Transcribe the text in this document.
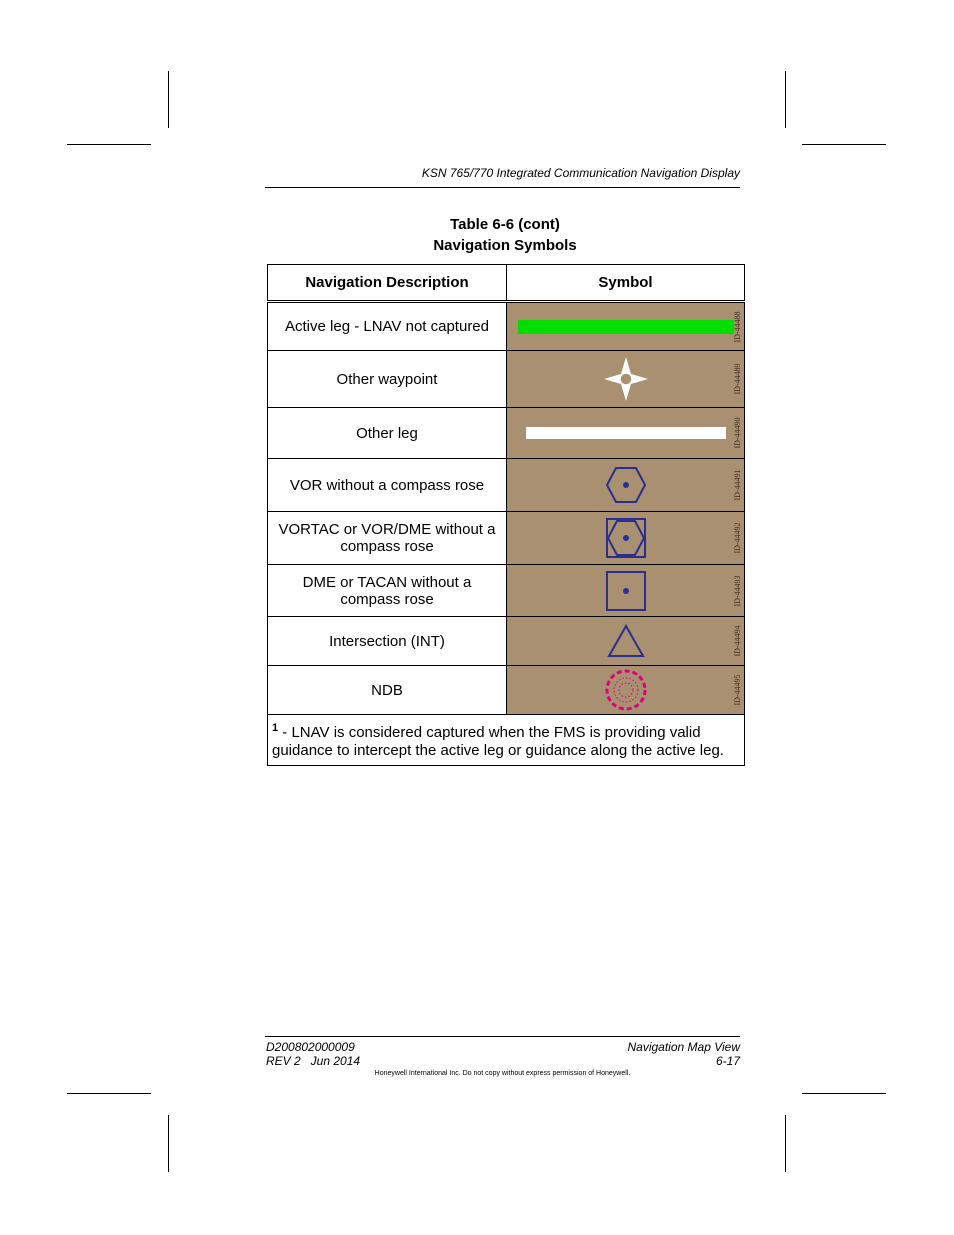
KSN 765/770 Integrated Communication Navigation Display
Table 6-6 (cont)
Navigation Symbols
Navigation Description	Symbol
Active leg - LNAV not captured	ID-44488

Other waypoint	ID-44489

Other leg	ID-44490

VOR without a compass rose	ID-44491

VORTAC or VOR/DME without a compass rose	ID-44492

DME or TACAN without a compass rose	ID-44493

Intersection (INT)	ID-44494

NDB	ID-44495

$^1$ - LNAV is considered captured when the FMS is providing valid guidance to intercept the active leg or guidance along the active leg.	
D200802000009
REV 2   Jun 2014
Navigation Map View
6-17
Honeywell International Inc. Do not copy without express permission of Honeywell.
